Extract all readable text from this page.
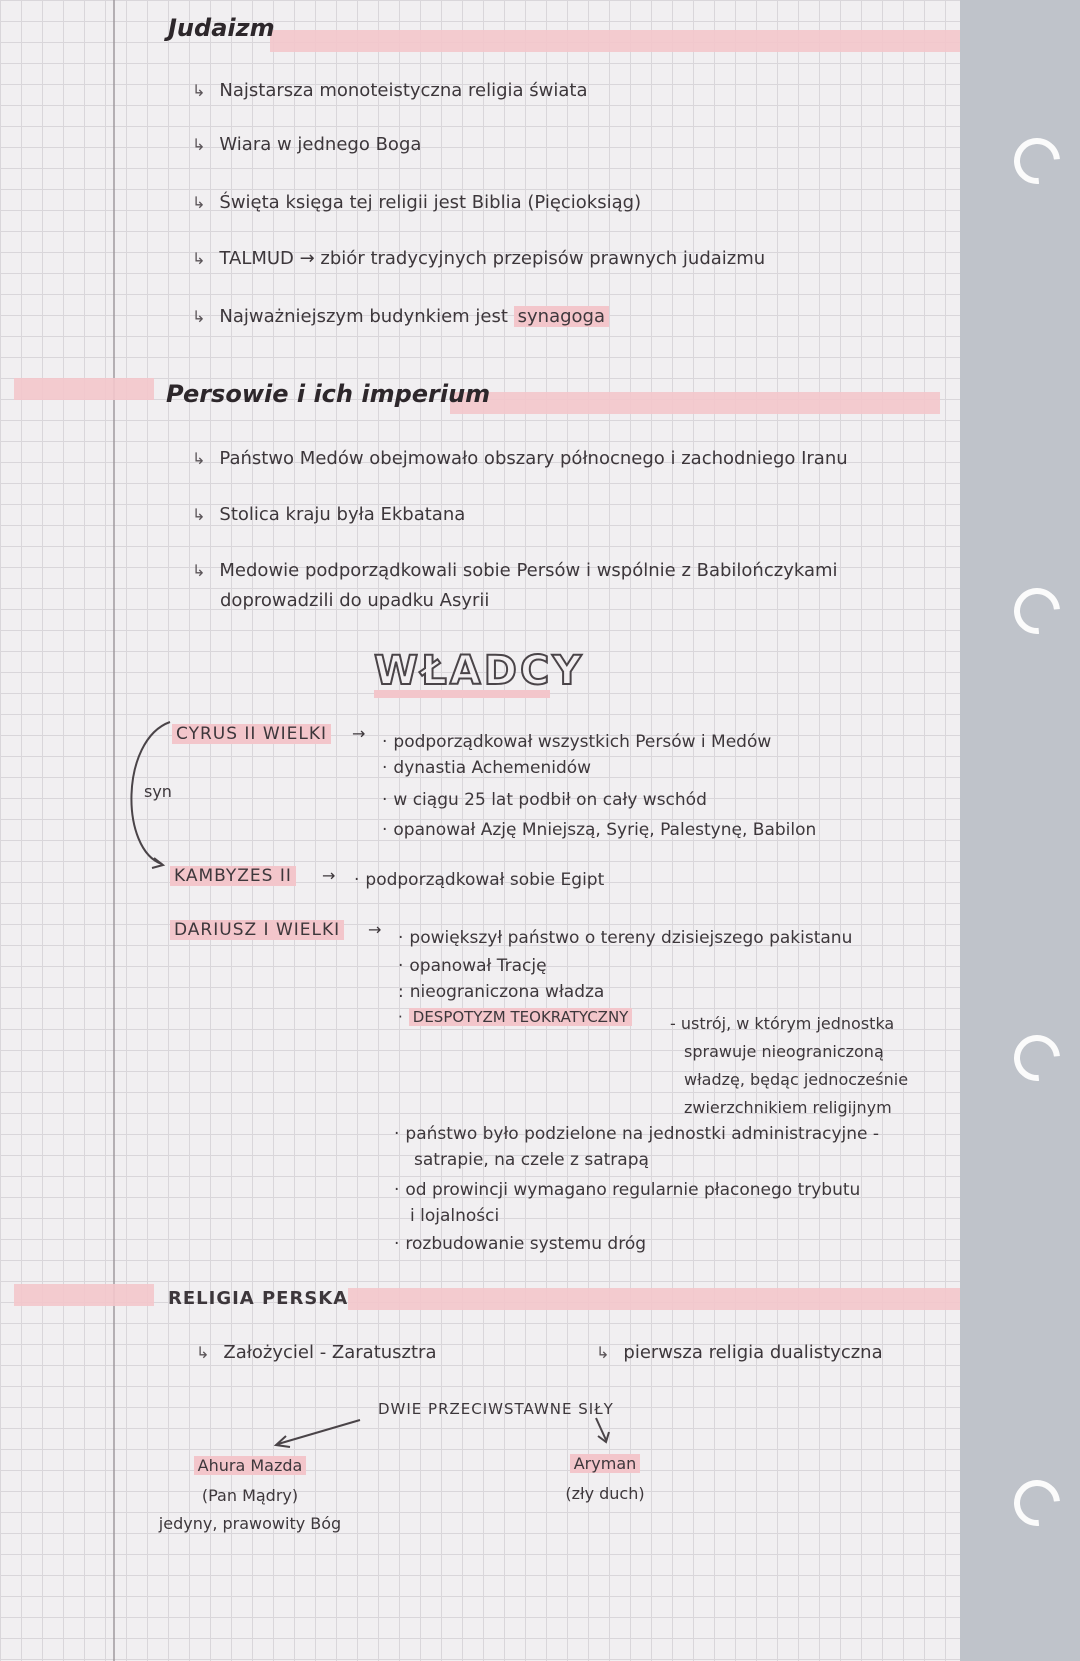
Judaizm
↳ Najstarsza monoteistyczna religia świata
↳ Wiara w jednego Boga
↳ Święta księga tej religii jest Biblia (Pięcioksiąg)
↳ TALMUD → zbiór tradycyjnych przepisów prawnych judaizmu
↳ Najważniejszym budynkiem jest synagoga
Persowie i ich imperium
↳ Państwo Medów obejmowało obszary północnego i zachodniego Iranu
↳ Stolica kraju była Ekbatana
↳ Medowie podporządkowali sobie Persów i wspólnie z Babilończykami
doprowadzili do upadku Asyrii
WŁADCY
syn
CYRUS II WIELKI → · podporządkował wszystkich Persów i Medów
· dynastia Achemenidów
· w ciągu 25 lat podbił on cały wschód
· opanował Azję Mniejszą, Syrię, Palestynę, Babilon
KAMBYZES II → · podporządkował sobie Egipt
DARIUSZ I WIELKI → · powiększył państwo o tereny dzisiejszego pakistanu
· opanował Trację
: nieograniczona władza
· DESPOTYZM TEOKRATYCZNY	- ustrój, w którym jednostka
sprawuje nieograniczoną
władzę, będąc jednocześnie
zwierzchnikiem religijnym
· państwo było podzielone na jednostki administracyjne -
satrapie, na czele z satrapą
· od prowincji wymagano regularnie płaconego trybutu
i lojalności
· rozbudowanie systemu dróg
RELIGIA PERSKA
↳ Założyciel - Zaratusztra	↳ pierwsza religia dualistyczna
DWIE PRZECIWSTAWNE SIŁY
Ahura Mazda
(Pan Mądry)
jedyny, prawowity Bóg
Aryman
(zły duch)
